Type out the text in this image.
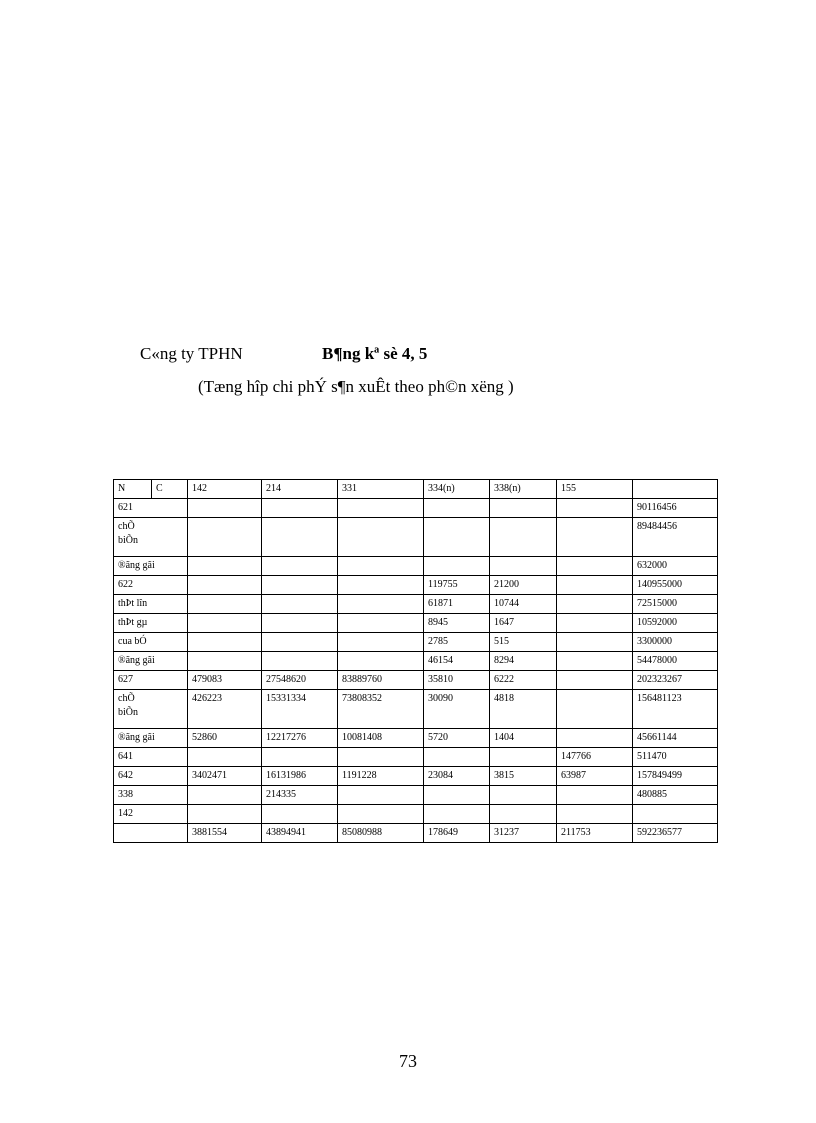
C«ng ty TPHN	B¶ng kª sè 4, 5
(Tæng hîp chi phÝ s¶n xuÊt theo ph©n xëng )
N C	142	214	331	334(n)	338(n)	155	

621							90116456

chÕ
biÕn							89484456

®ãng gãi							632000

622				119755	21200		140955000

thÞt lîn				61871	10744		72515000

thÞt gµ				8945	1647		10592000

cua bÓ				2785	515		3300000

®ãng gãi				46154	8294		54478000

627	479083	27548620	83889760	35810	6222		202323267

chÕ
biÕn	426223	15331334	73808352	30090	4818		156481123

®ãng gãi	52860	12217276	10081408	5720	1404		45661144

641						147766	511470

642	3402471	16131986	1191228	23084	3815	63987	157849499

338		214335					480885

142							

	3881554	43894941	85080988	178649	31237	211753	592236577
73
